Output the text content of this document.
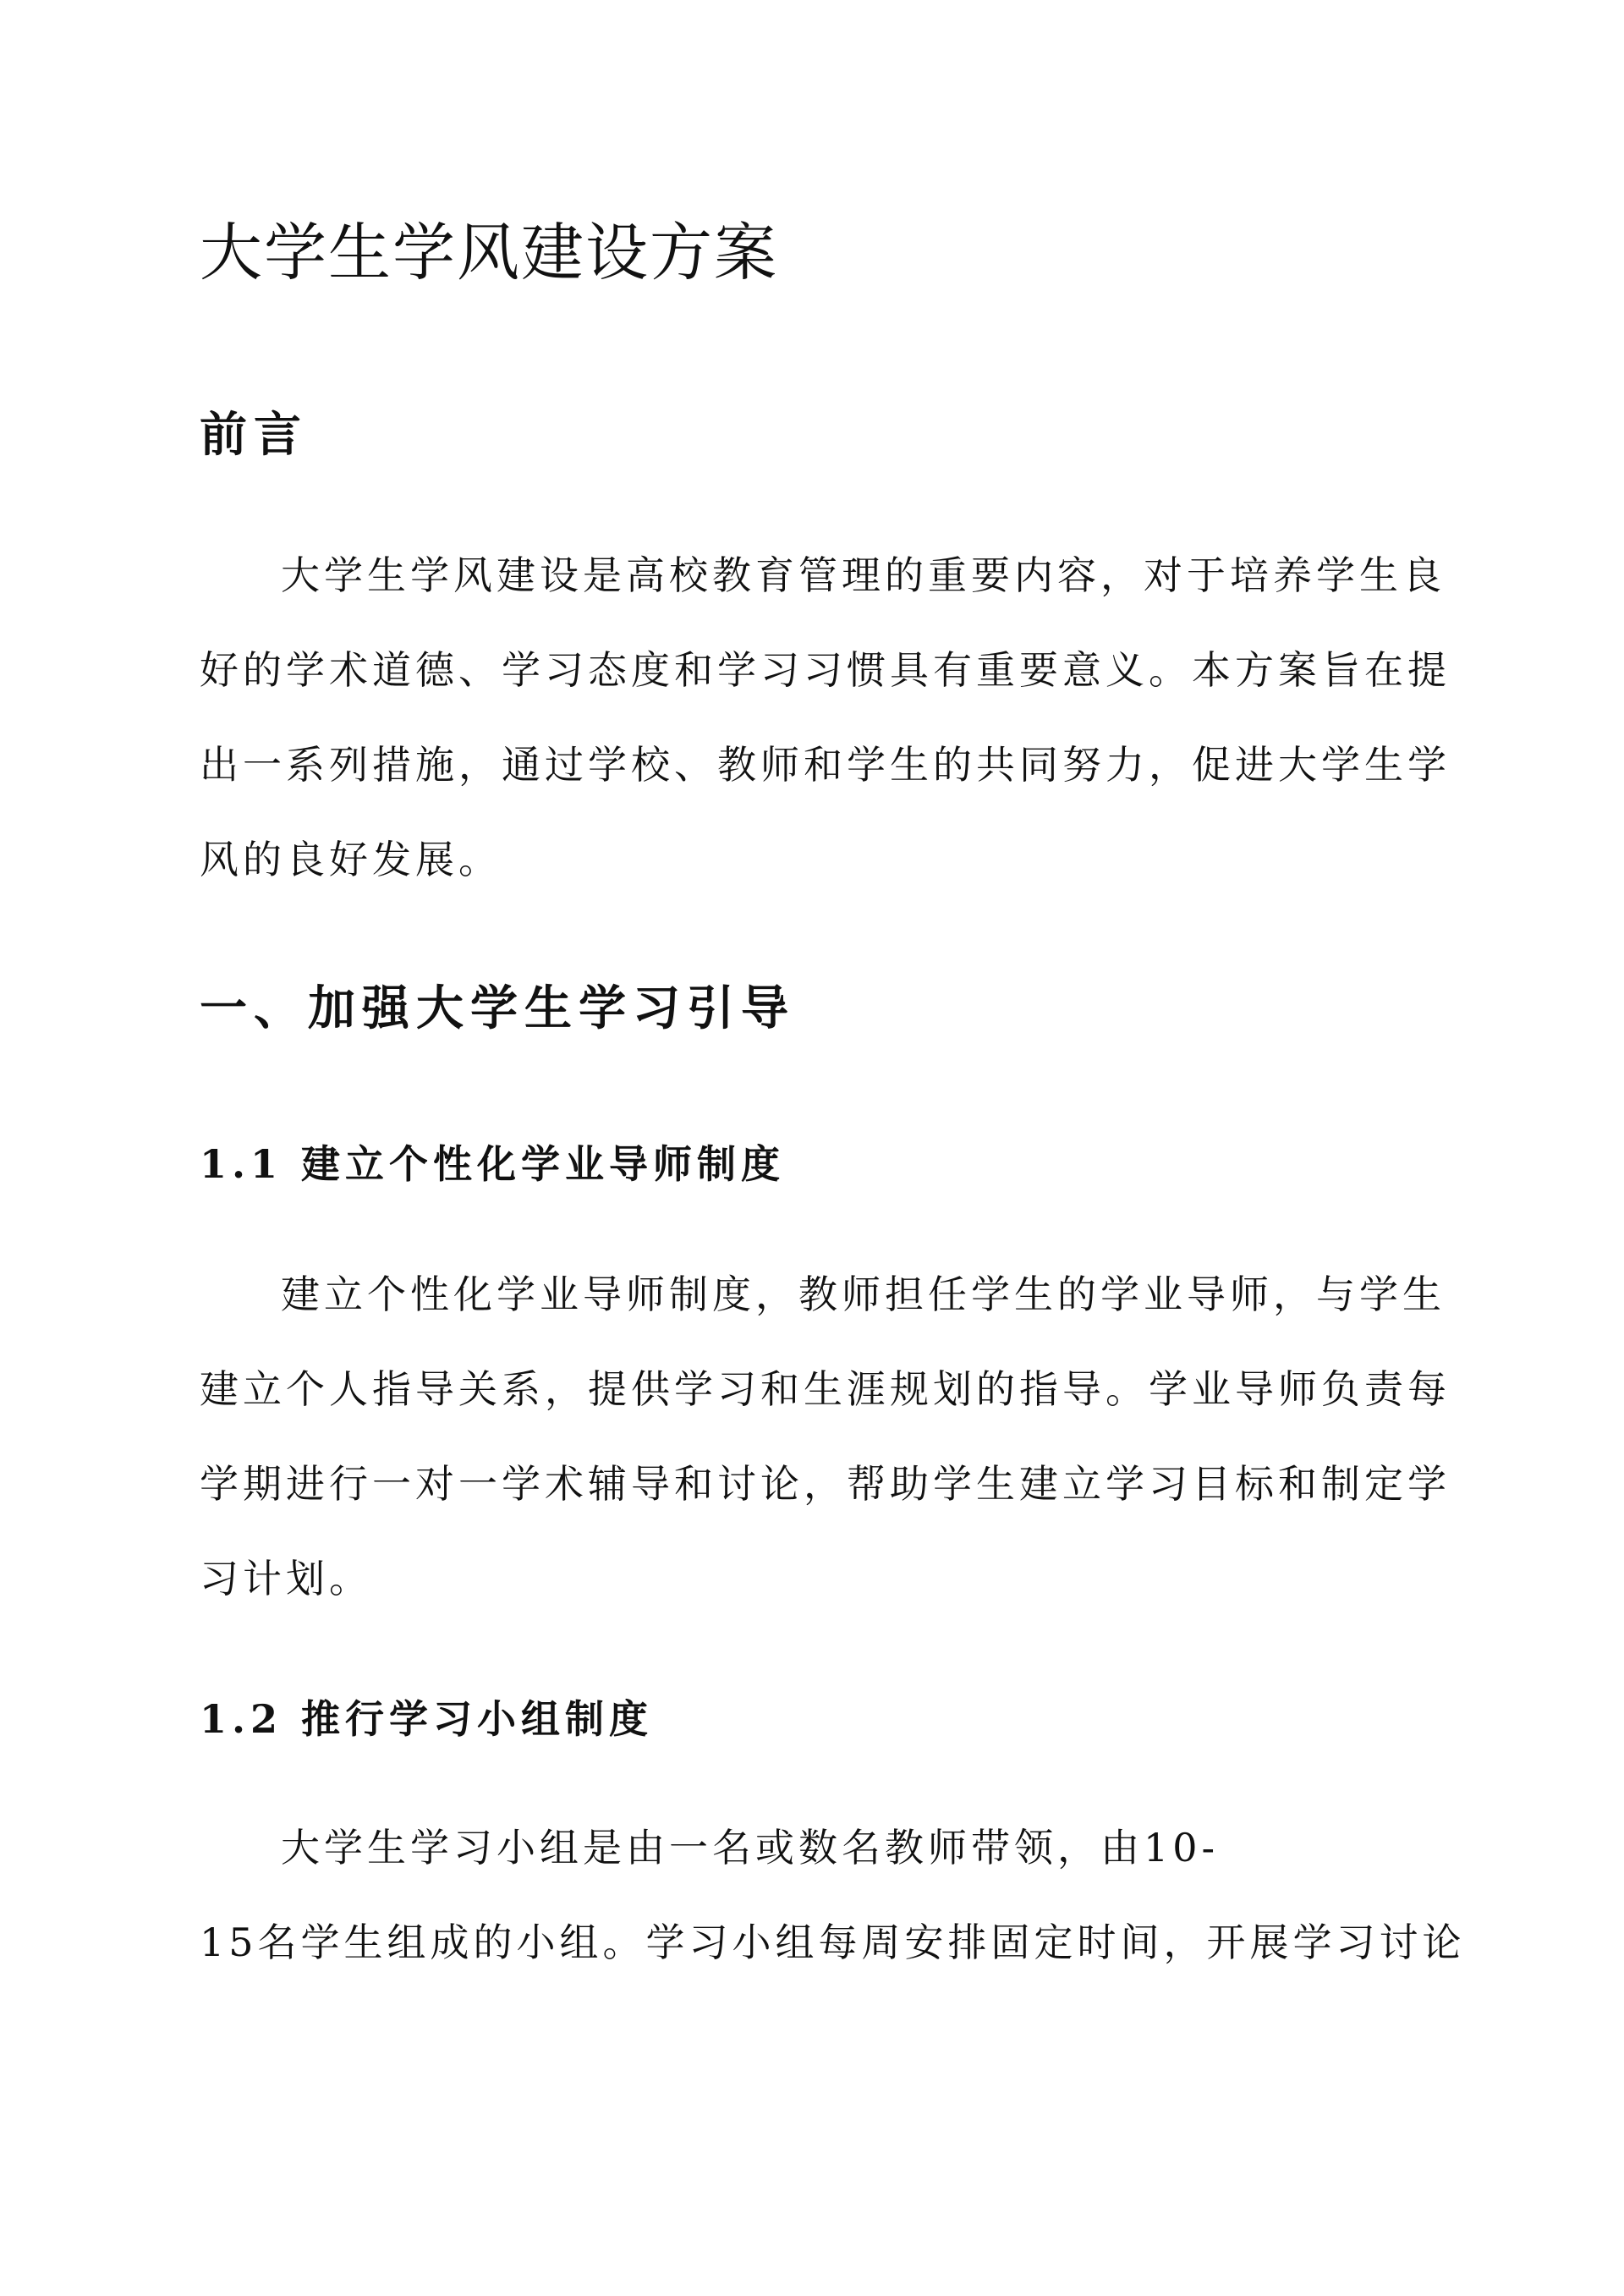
大学生学风建设方案
前言
大学生学风建设是高校教育管理的重要内容，对于培养学生良
好的学术道德、学习态度和学习习惯具有重要意义。本方案旨在提
出一系列措施，通过学校、教师和学生的共同努力，促进大学生学
风的良好发展。
一、加强大学生学习引导
1.1 建立个性化学业导师制度
建立个性化学业导师制度，教师担任学生的学业导师，与学生
建立个人指导关系，提供学习和生涯规划的指导。学业导师负责每
学期进行一对一学术辅导和讨论，帮助学生建立学习目标和制定学
习计划。
1.2 推行学习小组制度
大学生学习小组是由一名或数名教师带领，由10-
15名学生组成的小组。学习小组每周安排固定时间，开展学习讨论
